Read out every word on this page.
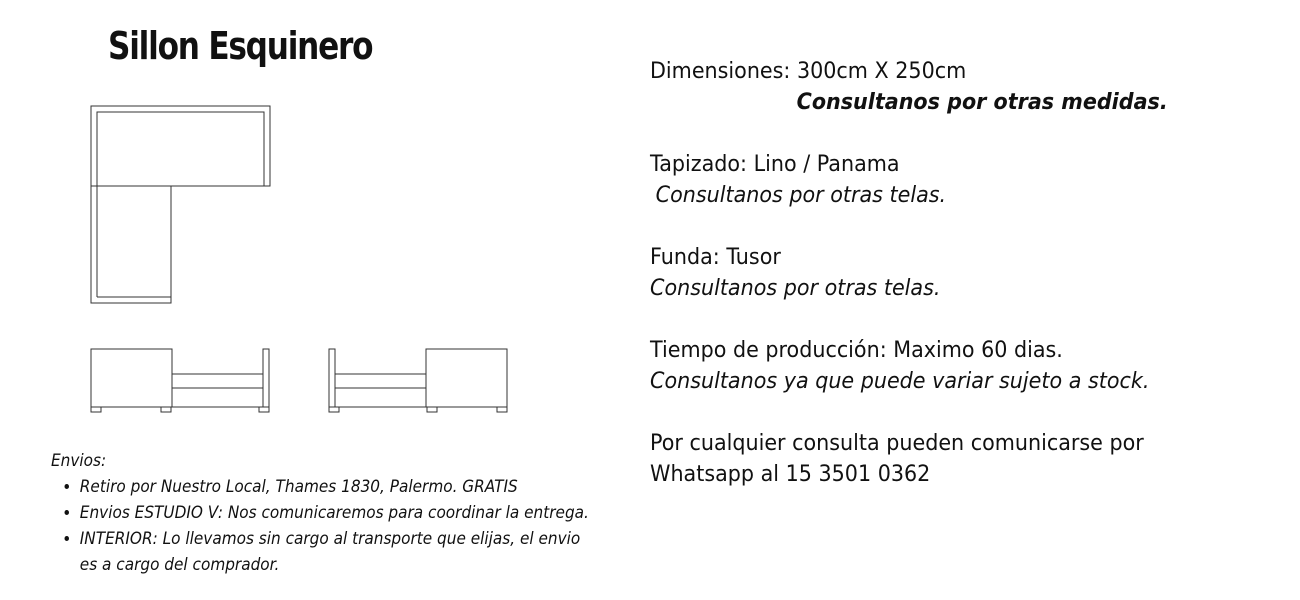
Sillon Esquinero
Envios:
• Retiro por Nuestro Local, Thames 1830, Palermo. GRATIS
• Envios ESTUDIO V: Nos comunicaremos para coordinar la entrega.
• INTERIOR: Lo llevamos sin cargo al transporte que elijas, el envio es a cargo del comprador.

Dimensiones: 300cm X 250cm

Consultanos por otras medidas.

Tapizado: Lino / Panama

Consultanos por otras telas.

Funda: Tusor

Consultanos por otras telas.

Tiempo de producción: Maximo 60 dias.

Consultanos ya que puede variar sujeto a stock.

Por cualquier consulta pueden comunicarse por

Whatsapp al 15 3501 0362
